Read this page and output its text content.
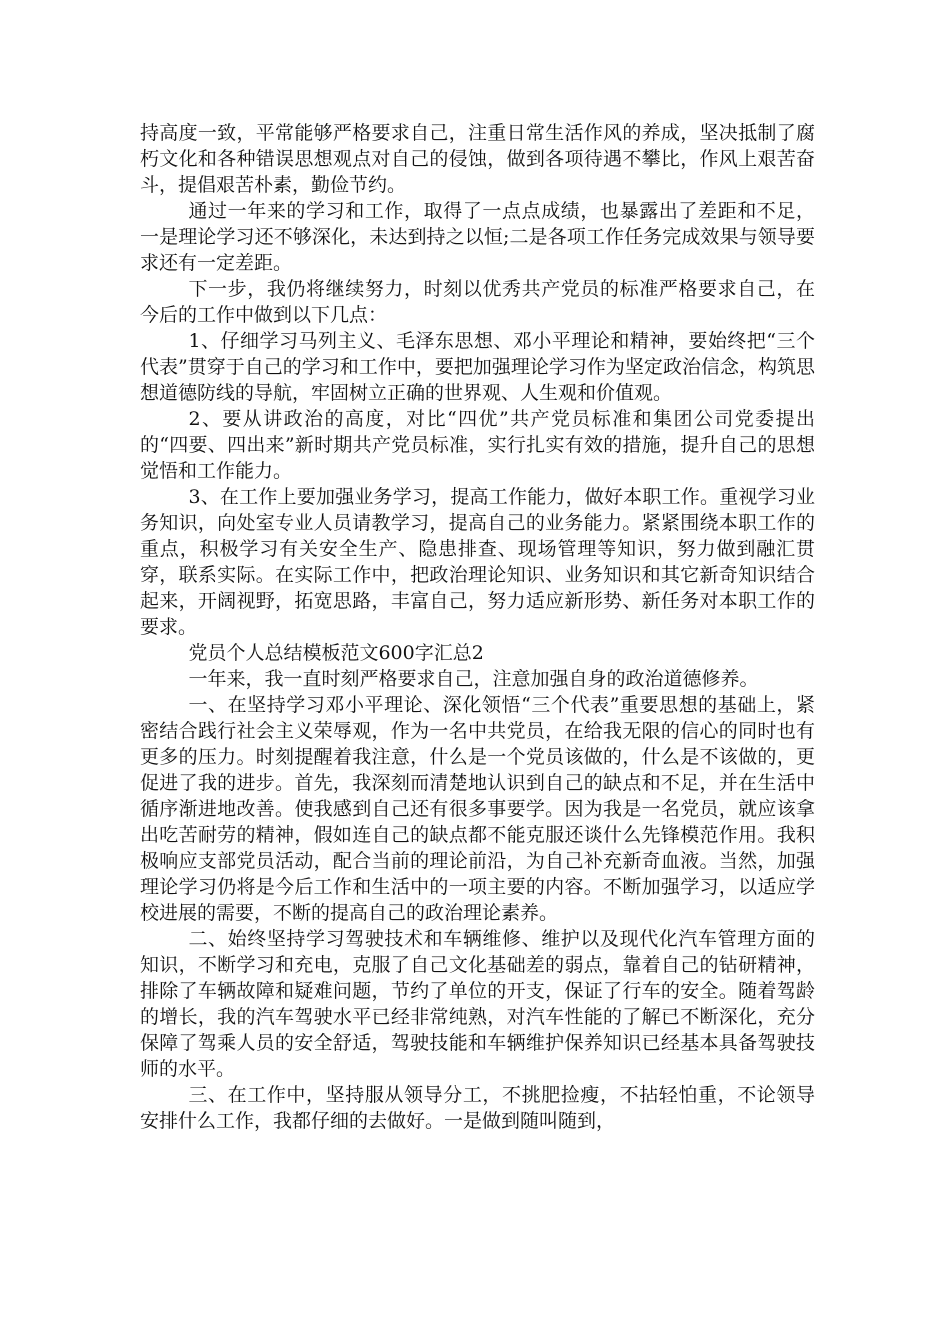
持高度一致，平常能够严格要求自己，注重日常生活作风的养成，坚决抵制了腐朽文化和各种错误思想观点对自己的侵蚀，做到各项待遇不攀比，作风上艰苦奋斗，提倡艰苦朴素，勤俭节约。

通过一年来的学习和工作，取得了一点点成绩，也暴露出了差距和不足，一是理论学习还不够深化，未达到持之以恒;二是各项工作任务完成效果与领导要求还有一定差距。

下一步，我仍将继续努力，时刻以优秀共产党员的标准严格要求自己，在今后的工作中做到以下几点：

1、仔细学习马列主义、毛泽东思想、邓小平理论和精神，要始终把“三个代表”贯穿于自己的学习和工作中，要把加强理论学习作为坚定政治信念，构筑思想道德防线的导航，牢固树立正确的世界观、人生观和价值观。

2、要从讲政治的高度，对比“四优”共产党员标准和集团公司党委提出的“四要、四出来”新时期共产党员标准，实行扎实有效的措施，提升自己的思想觉悟和工作能力。

3、在工作上要加强业务学习，提高工作能力，做好本职工作。重视学习业务知识，向处室专业人员请教学习，提高自己的业务能力。紧紧围绕本职工作的重点，积极学习有关安全生产、隐患排查、现场管理等知识，努力做到融汇贯穿，联系实际。在实际工作中，把政治理论知识、业务知识和其它新奇知识结合起来，开阔视野，拓宽思路，丰富自己，努力适应新形势、新任务对本职工作的要求。

党员个人总结模板范文600字汇总2

一年来，我一直时刻严格要求自己，注意加强自身的政治道德修养。

一、在坚持学习邓小平理论、深化领悟“三个代表”重要思想的基础上，紧密结合践行社会主义荣辱观，作为一名中共党员，在给我无限的信心的同时也有更多的压力。时刻提醒着我注意，什么是一个党员该做的，什么是不该做的，更促进了我的进步。首先，我深刻而清楚地认识到自己的缺点和不足，并在生活中循序渐进地改善。使我感到自己还有很多事要学。因为我是一名党员，就应该拿出吃苦耐劳的精神，假如连自己的缺点都不能克服还谈什么先锋模范作用。我积极响应支部党员活动，配合当前的理论前沿，为自己补充新奇血液。当然，加强理论学习仍将是今后工作和生活中的一项主要的内容。不断加强学习，以适应学校进展的需要，不断的提高自己的政治理论素养。

二、始终坚持学习驾驶技术和车辆维修、维护以及现代化汽车管理方面的知识，不断学习和充电，克服了自己文化基础差的弱点，靠着自己的钻研精神，排除了车辆故障和疑难问题，节约了单位的开支，保证了行车的安全。随着驾龄的增长，我的汽车驾驶水平已经非常纯熟，对汽车性能的了解已不断深化，充分保障了驾乘人员的安全舒适，驾驶技能和车辆维护保养知识已经基本具备驾驶技师的水平。

三、在工作中，坚持服从领导分工，不挑肥捡瘦，不拈轻怕重，不论领导安排什么工作，我都仔细的去做好。一是做到随叫随到，
